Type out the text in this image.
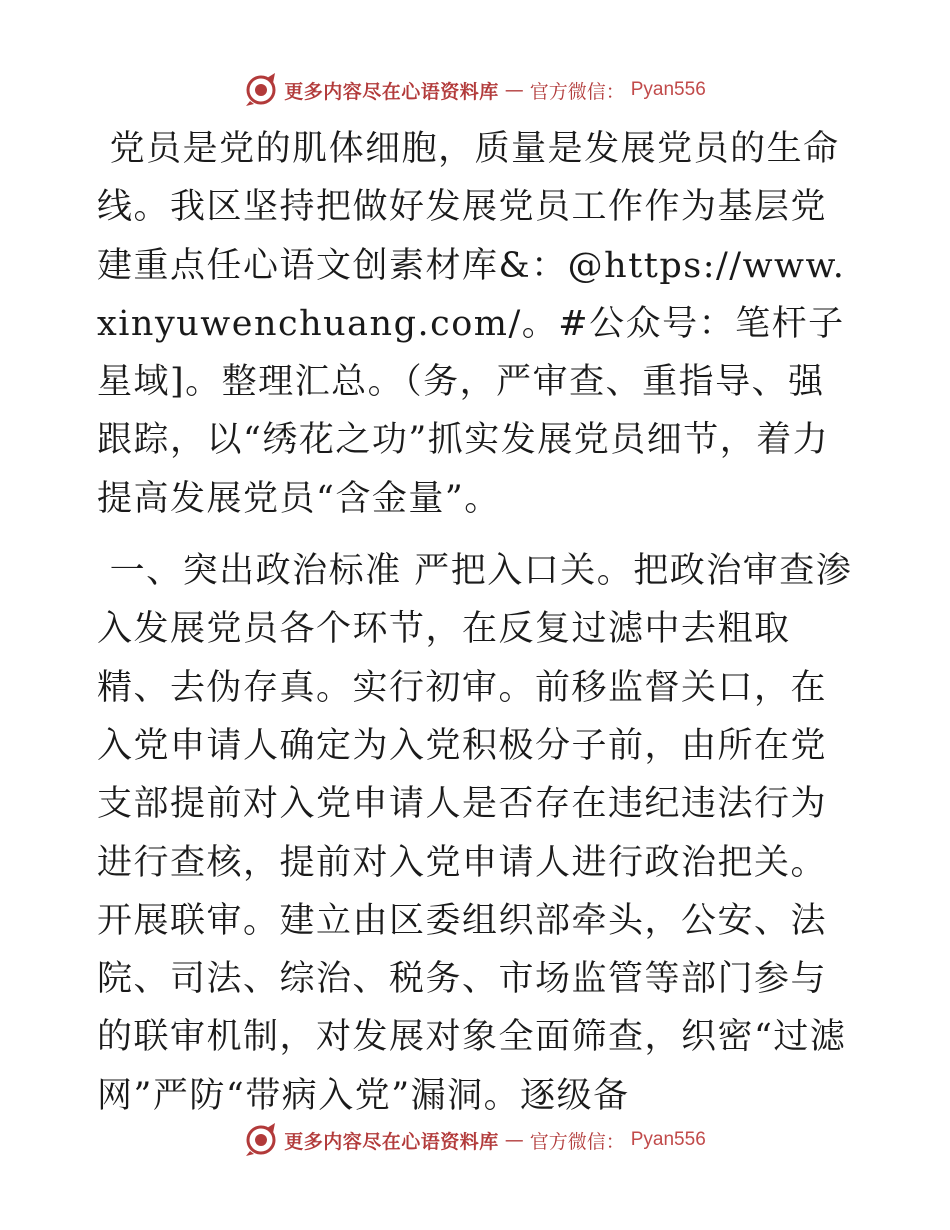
更多内容尽在心语资料库 — 官方微信： Pyan556

党员是党的肌体细胞，质量是发展党员的生命线。我区坚持把做好发展党员工作作为基层党建重点任心语文创素材库&：@https://www.xinyuwenchuang.com/。#公众号：笔杆子星域]。整理汇总。（务，严审查、重指导、强跟踪，以“绣花之功”抓实发展党员细节，着力提高发展党员“含金量”。

一、突出政治标准 严把入口关。把政治审查渗入发展党员各个环节，在反复过滤中去粗取精、去伪存真。实行初审。前移监督关口，在入党申请人确定为入党积极分子前，由所在党支部提前对入党申请人是否存在违纪违法行为进行查核，提前对入党申请人进行政治把关。开展联审。建立由区委组织部牵头，公安、法院、司法、综治、税务、市场监管等部门参与的联审机制，对发展对象全面筛查，织密“过滤网”严防“带病入党”漏洞。逐级备

更多内容尽在心语资料库 — 官方微信： Pyan556
